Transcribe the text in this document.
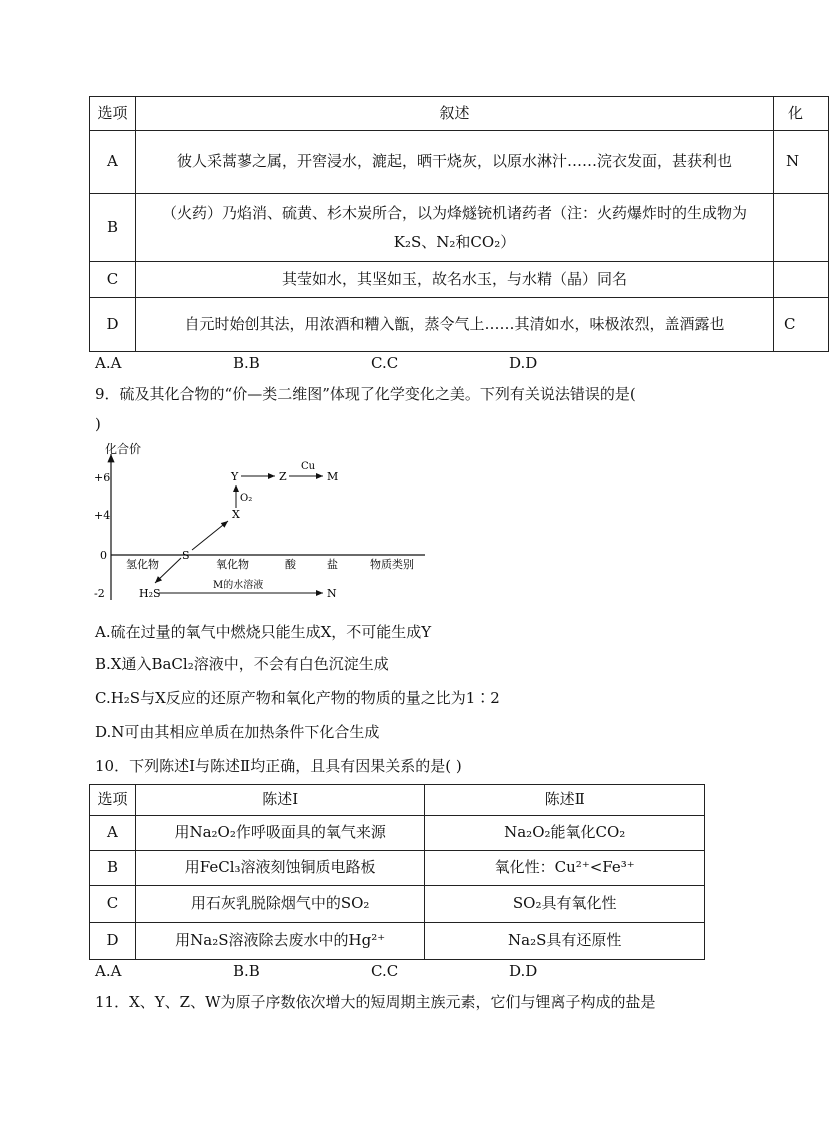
选项	叙述	化
A	彼人采蒿蓼之属，开窖浸水，漉起，晒干烧灰，以原水淋汁……浣衣发面，甚获利也	N
B	（火药）乃焰消、硫黄、杉木炭所合，以为烽燧铳机诸药者（注：火药爆炸时的生成物为
K₂S、N₂和CO₂）	

C	其莹如水，其坚如玉，故名水玉，与水精（晶）同名	
D	自元时始创其法，用浓酒和糟入甑，蒸令气上……其清如水，味极浓烈，盖酒露也	C
A.A	B.B	C.C	D.D
9．硫及其化合物的“价—类二维图”体现了化学变化之美。下列有关说法错误的是(
)
化合价
+6
+4
0
-2
氢化物	氧化物	酸	盐	物质类别
S
X
Y	Z	M
H₂S	N
Cu
O₂
M的水溶液
A.硫在过量的氧气中燃烧只能生成X，不可能生成Y
B.X通入BaCl₂溶液中，不会有白色沉淀生成
C.H₂S与X反应的还原产物和氧化产物的物质的量之比为1∶2
D.N可由其相应单质在加热条件下化合生成
10．下列陈述Ⅰ与陈述Ⅱ均正确，且具有因果关系的是( )
选项	陈述Ⅰ	陈述Ⅱ
A	用Na₂O₂作呼吸面具的氧气来源	Na₂O₂能氧化CO₂
B	用FeCl₃溶液刻蚀铜质电路板	氧化性：Cu²⁺<Fe³⁺
C	用石灰乳脱除烟气中的SO₂	SO₂具有氧化性
D	用Na₂S溶液除去废水中的Hg²⁺	Na₂S具有还原性
A.A	B.B	C.C	D.D
11．X、Y、Z、W为原子序数依次增大的短周期主族元素，它们与锂离子构成的盐是
